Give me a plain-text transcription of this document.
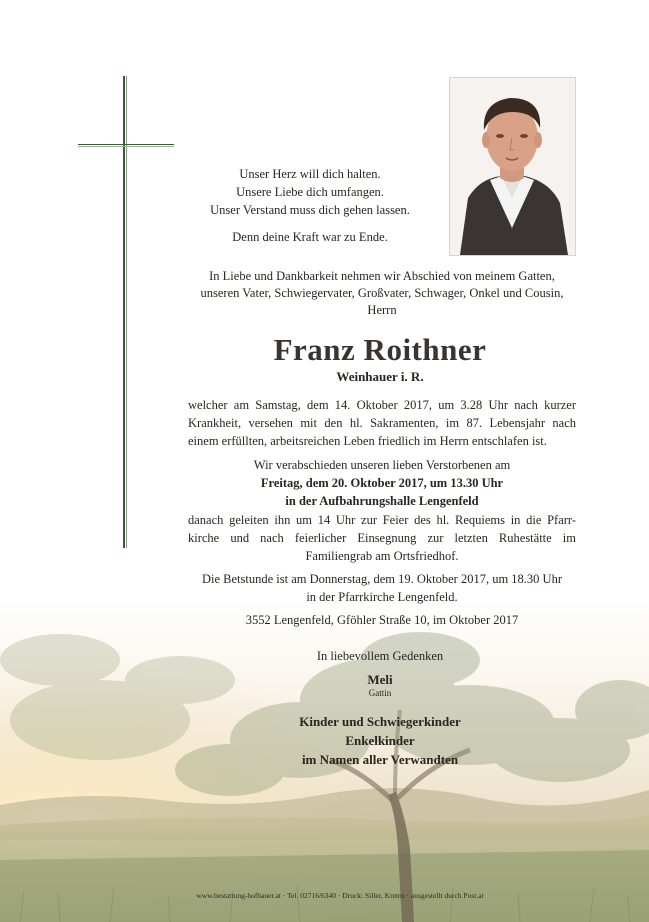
Unser Herz will dich halten.
Unsere Liebe dich umfangen.
Unser Verstand muss dich gehen lassen.
Denn deine Kraft war zu Ende.
In Liebe und Dankbarkeit nehmen wir Abschied von meinem Gatten,
unseren Vater, Schwiegervater, Großvater, Schwager, Onkel und Cousin,
Herrn
Franz Roithner
Weinhauer i. R.
welcher am Samstag, dem 14. Oktober 2017, um 3.28 Uhr nach kurzer
Krankheit, versehen mit den hl. Sakramenten, im 87. Lebensjahr nach
einem erfüllten, arbeitsreichen Leben friedlich im Herrn entschlafen ist.
Wir verabschieden unseren lieben Verstorbenen am
Freitag, dem 20. Oktober 2017, um 13.30 Uhr
in der Aufbahrungshalle Lengenfeld
danach geleiten ihn um 14 Uhr zur Feier des hl. Requiems in die Pfarr-
kirche und nach feierlicher Einsegnung zur letzten Ruhestätte im
Familiengrab am Ortsfriedhof.
Die Betstunde ist am Donnerstag, dem 19. Oktober 2017, um 18.30 Uhr
in der Pfarrkirche Lengenfeld.
3552 Lengenfeld, Gföhler Straße 10, im Oktober 2017
In liebevollem Gedenken
Meli
Gattin
Kinder und Schwiegerkinder
Enkelkinder
im Namen aller Verwandten
www.bestattung-hofbauer.at · Tel. 02716/6340 · Druck: Siller, Krems · ausgestellt durch Post.at
